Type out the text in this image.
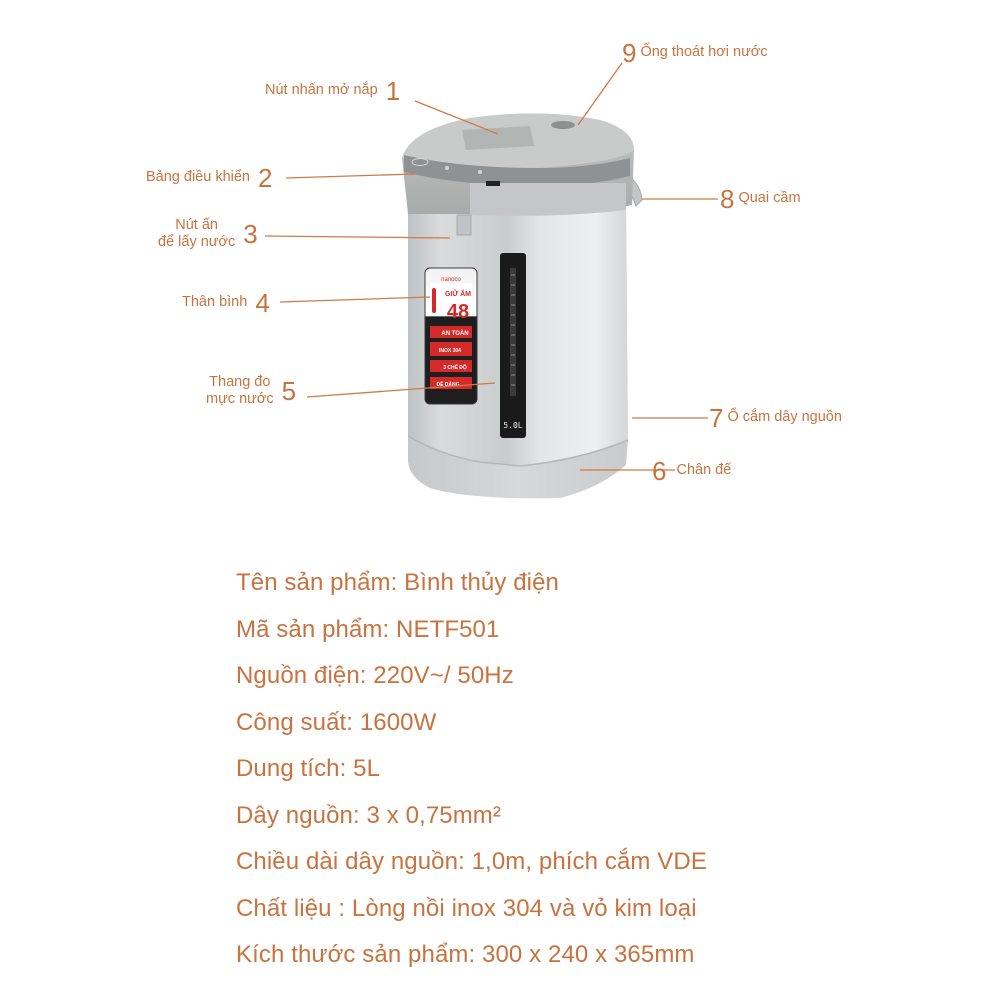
nanoco
GIỮ ẤM
48
AN TOÀN
INOX 304
3 CHẾ ĐỘ
DỄ DÀNG
5.0L
Nút nhấn mở nắp 1
Bảng điều khiển 2
Nút ấn
để lấy nước 3
Thân bình 4
Thang đo
mực nước 5
6 Chân đế
7 Ổ cắm dây nguồn
8 Quai cầm
9 Ống thoát hơi nước
Tên sản phẩm: Bình thủy điện
Mã sản phẩm: NETF501
Nguồn điện: 220V~/ 50Hz
Công suất: 1600W
Dung tích: 5L
Dây nguồn: 3 x 0,75mm²
Chiều dài dây nguồn: 1,0m, phích cắm VDE
Chất liệu : Lòng nồi inox 304 và vỏ kim loại
Kích thước sản phẩm: 300 x 240 x 365mm
